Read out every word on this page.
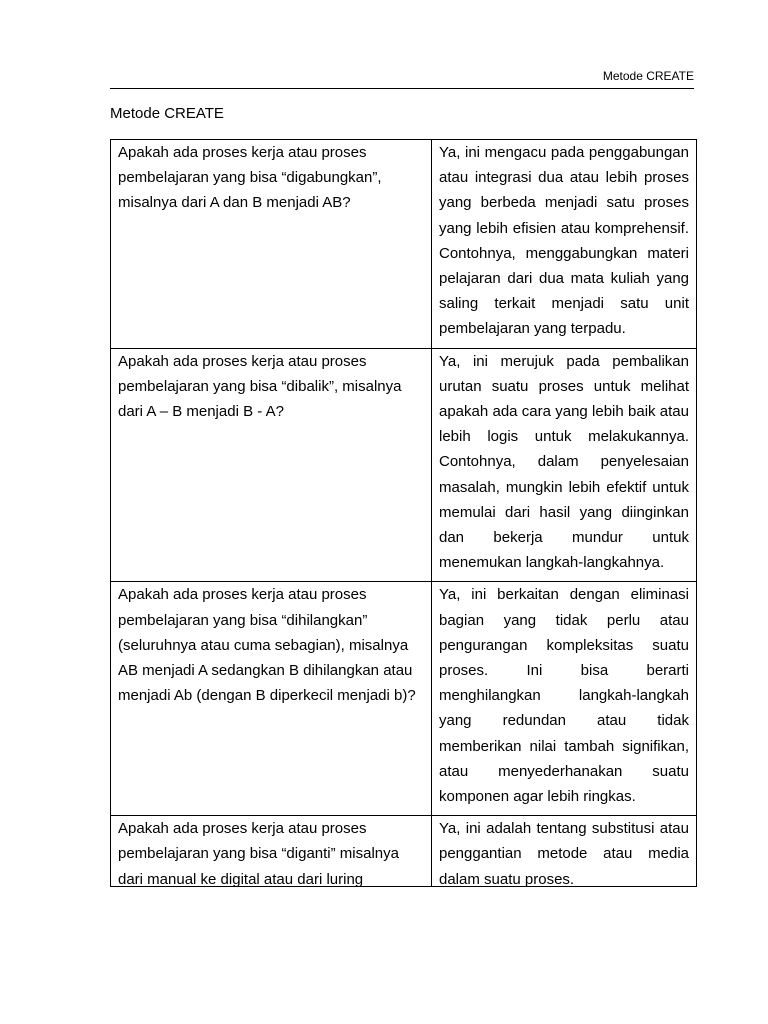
Metode CREATE
Metode CREATE
Apakah ada proses kerja atau proses pembelajaran yang bisa “digabungkan”, misalnya dari A dan B menjadi AB?	Ya, ini mengacu pada penggabungan atau integrasi dua atau lebih proses yang berbeda menjadi satu proses yang lebih efisien atau komprehensif. Contohnya, menggabungkan materi pelajaran dari dua mata kuliah yang saling terkait menjadi satu unit pembelajaran yang terpadu.
Apakah ada proses kerja atau proses pembelajaran yang bisa “dibalik”, misalnya dari A – B menjadi B - A?	Ya, ini merujuk pada pembalikan urutan suatu proses untuk melihat apakah ada cara yang lebih baik atau lebih logis untuk melakukannya. Contohnya, dalam penyelesaian masalah, mungkin lebih efektif untuk memulai dari hasil yang diinginkan dan bekerja mundur untuk menemukan langkah-langkahnya.
Apakah ada proses kerja atau proses pembelajaran yang bisa “dihilangkan” (seluruhnya atau cuma sebagian), misalnya AB menjadi A sedangkan B dihilangkan atau menjadi Ab (dengan B diperkecil menjadi b)?	Ya, ini berkaitan dengan eliminasi bagian yang tidak perlu atau pengurangan kompleksitas suatu proses. Ini bisa berarti menghilangkan langkah-langkah yang redundan atau tidak memberikan nilai tambah signifikan, atau menyederhanakan suatu komponen agar lebih ringkas.

Apakah ada proses kerja atau proses pembelajaran yang bisa “diganti” misalnya dari manual ke digital atau dari luring	Ya, ini adalah tentang substitusi atau penggantian metode atau media dalam suatu proses.
